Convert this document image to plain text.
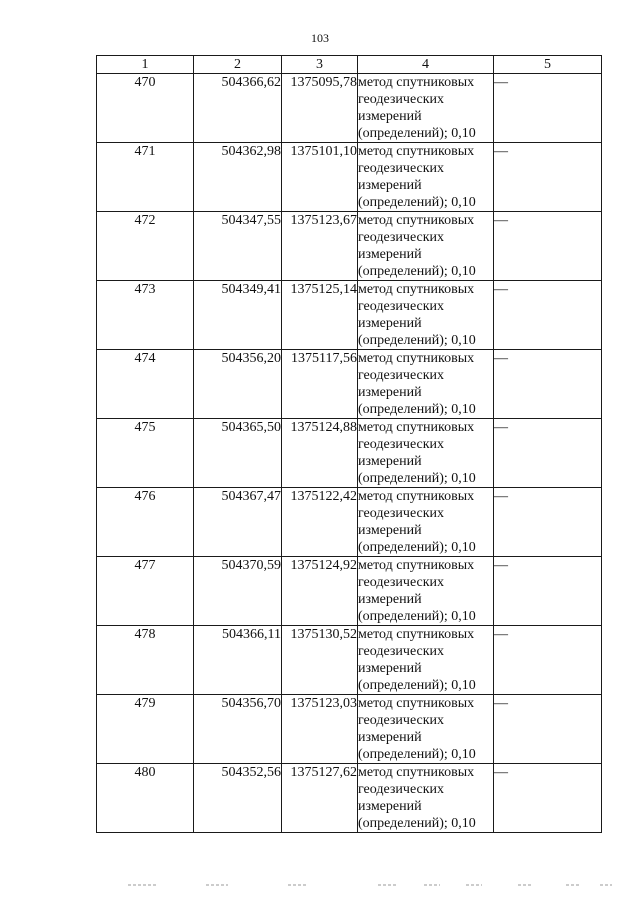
103
1	2	3	4	5
470	504366,62	1375095,78	метод спутниковых
геодезических
измерений
(определений); 0,10	—
471	504362,98	1375101,10	метод спутниковых
геодезических
измерений
(определений); 0,10	—
472	504347,55	1375123,67	метод спутниковых
геодезических
измерений
(определений); 0,10	—
473	504349,41	1375125,14	метод спутниковых
геодезических
измерений
(определений); 0,10	—
474	504356,20	1375117,56	метод спутниковых
геодезических
измерений
(определений); 0,10	—
475	504365,50	1375124,88	метод спутниковых
геодезических
измерений
(определений); 0,10	—
476	504367,47	1375122,42	метод спутниковых
геодезических
измерений
(определений); 0,10	—
477	504370,59	1375124,92	метод спутниковых
геодезических
измерений
(определений); 0,10	—
478	504366,11	1375130,52	метод спутниковых
геодезических
измерений
(определений); 0,10	—
479	504356,70	1375123,03	метод спутниковых
геодезических
измерений
(определений); 0,10	—
480	504352,56	1375127,62	метод спутниковых
геодезических
измерений
(определений); 0,10	—
